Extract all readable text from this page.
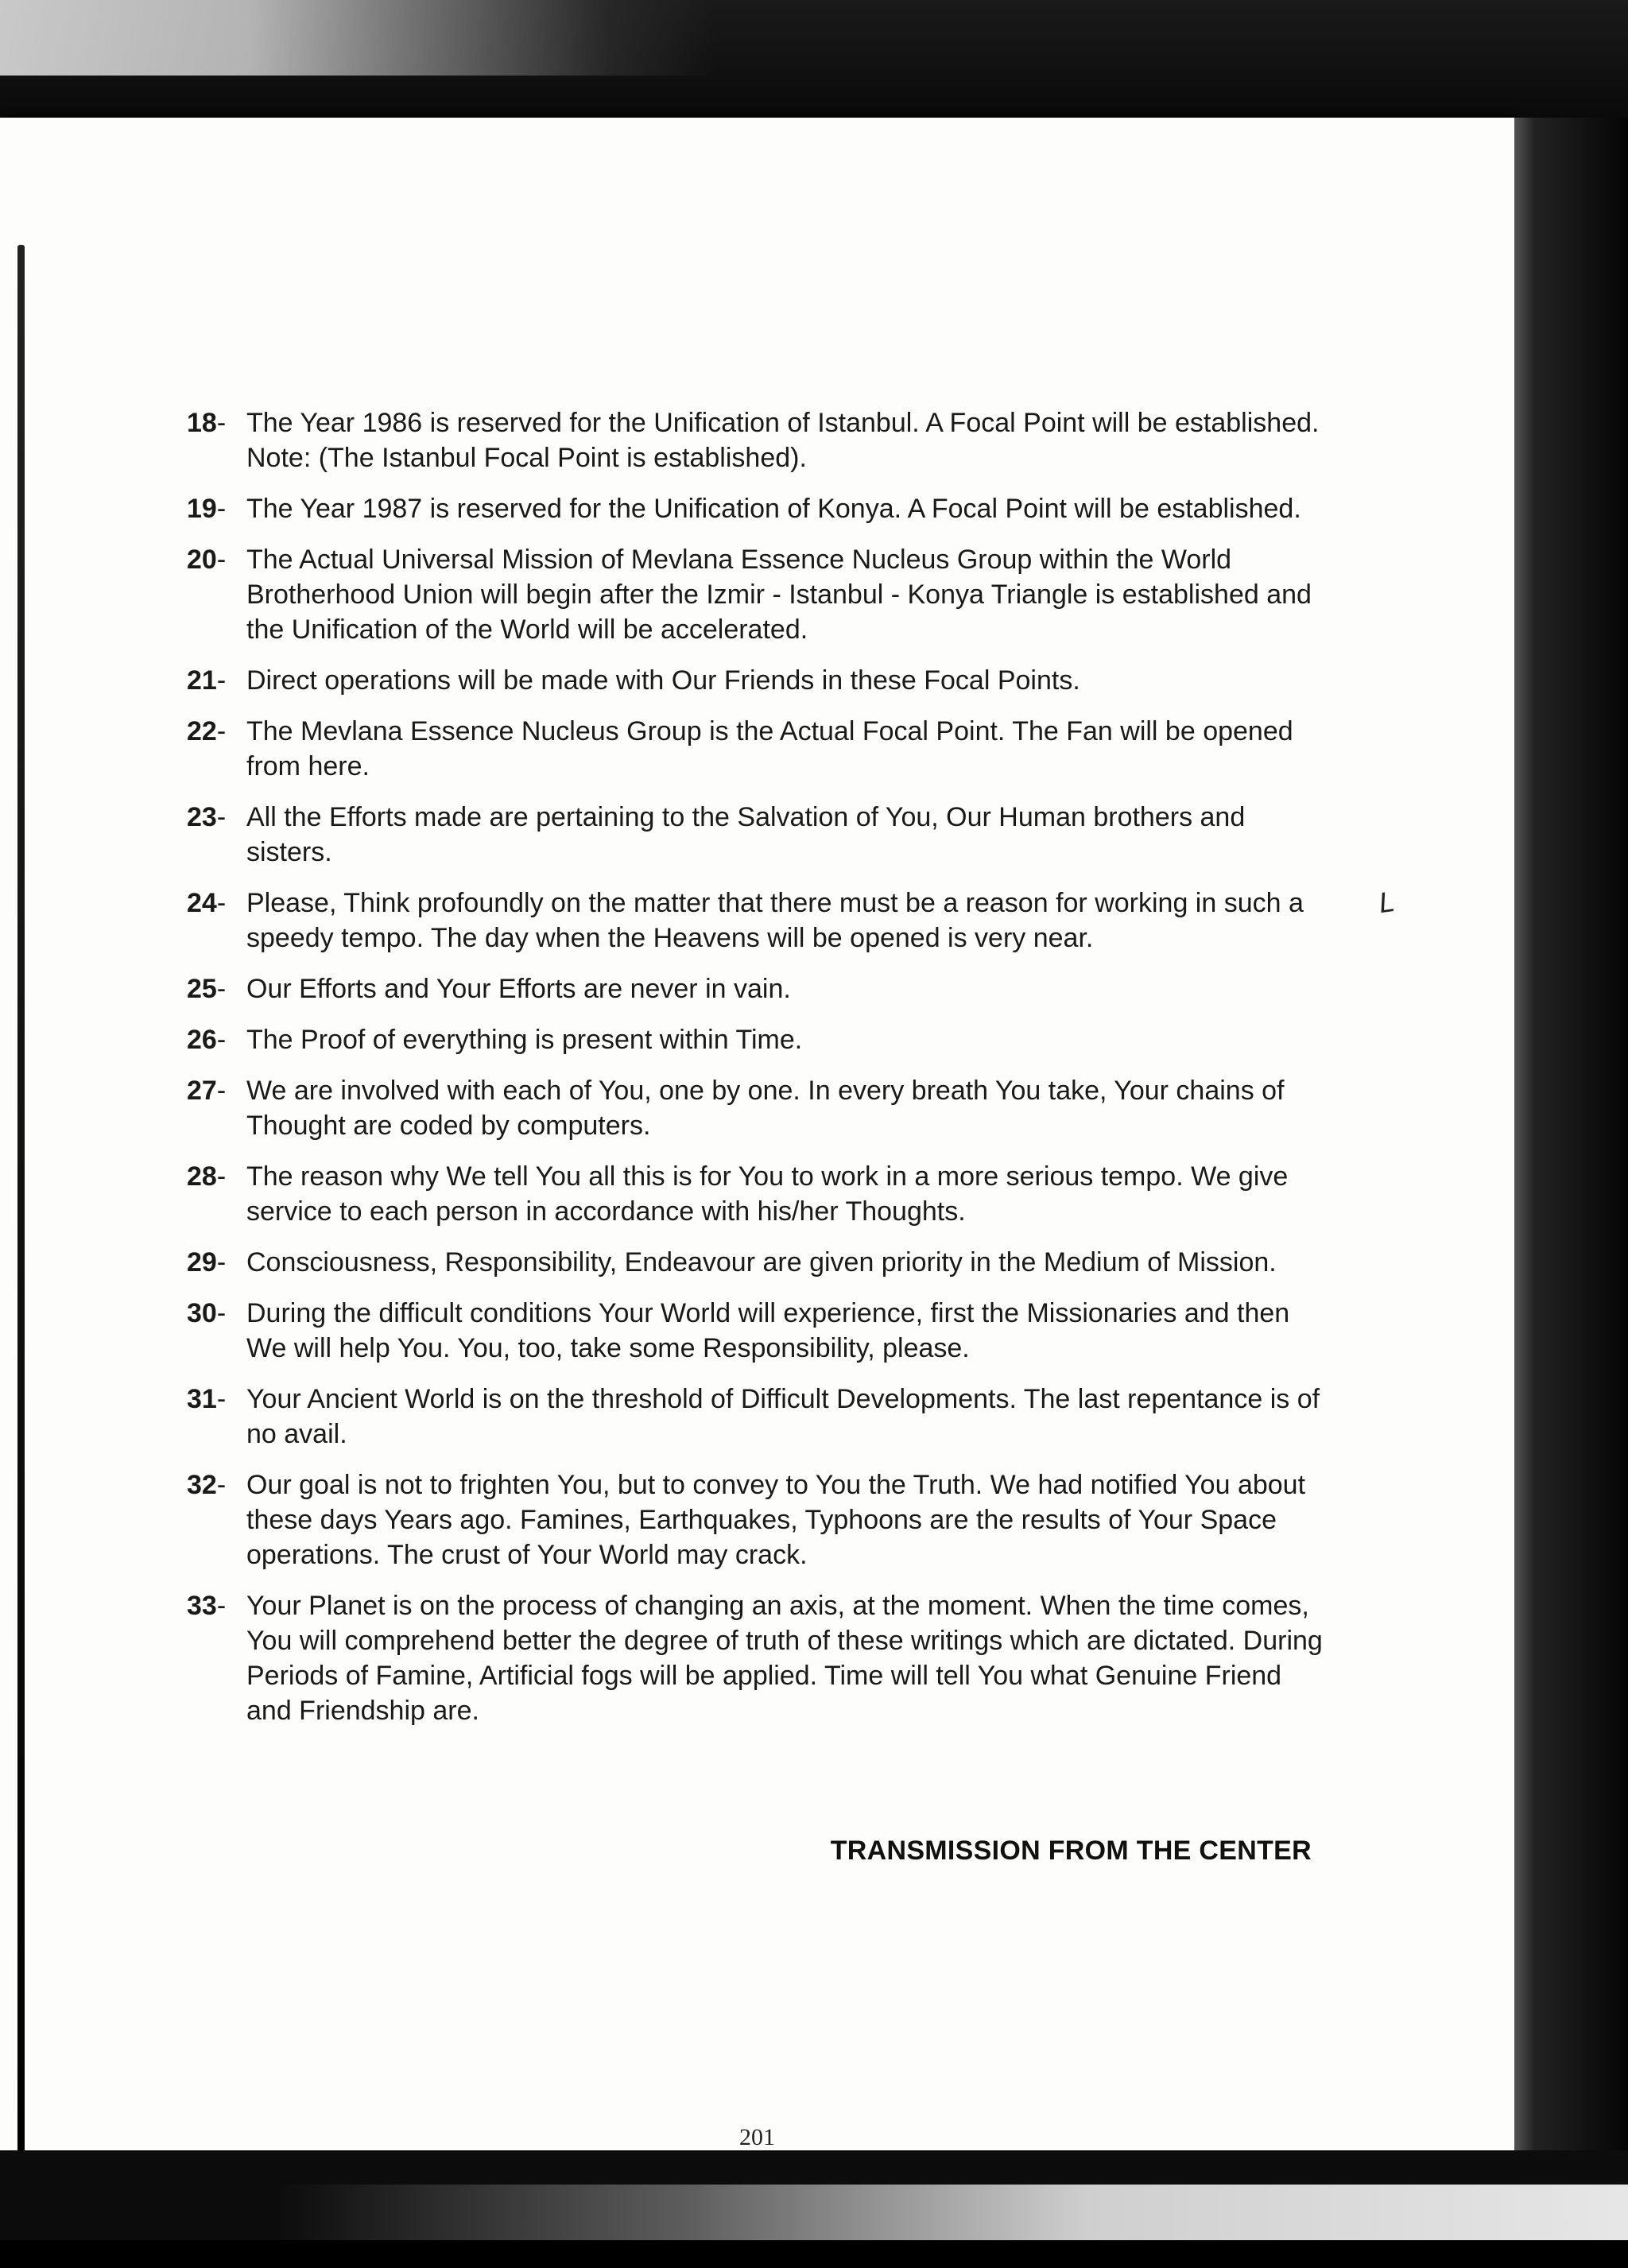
18- The Year 1986 is reserved for the Unification of Istanbul. A Focal Point will be established. Note: (The Istanbul Focal Point is established).
19- The Year 1987 is reserved for the Unification of Konya. A Focal Point will be established.
20- The Actual Universal Mission of Mevlana Essence Nucleus Group within the World Brotherhood Union will begin after the Izmir - Istanbul - Konya Triangle is established and the Unification of the World will be accelerated.
21- Direct operations will be made with Our Friends in these Focal Points.
22- The Mevlana Essence Nucleus Group is the Actual Focal Point. The Fan will be opened from here.
23- All the Efforts made are pertaining to the Salvation of You, Our Human brothers and sisters.
24- Please, Think profoundly on the matter that there must be a reason for working in such a speedy tempo. The day when the Heavens will be opened is very near.
25- Our Efforts and Your Efforts are never in vain.
26- The Proof of everything is present within Time.
27- We are involved with each of You, one by one. In every breath You take, Your chains of Thought are coded by computers.
28- The reason why We tell You all this is for You to work in a more serious tempo. We give service to each person in accordance with his/her Thoughts.
29- Consciousness, Responsibility, Endeavour are given priority in the Medium of Mission.
30- During the difficult conditions Your World will experience, first the Missionaries and then We will help You. You, too, take some Responsibility, please.
31- Your Ancient World is on the threshold of Difficult Developments. The last repentance is of no avail.
32- Our goal is not to frighten You, but to convey to You the Truth. We had notified You about these days Years ago. Famines, Earthquakes, Typhoons are the results of Your Space operations. The crust of Your World may crack.
33- Your Planet is on the process of changing an axis, at the moment. When the time comes, You will comprehend better the degree of truth of these writings which are dictated. During Periods of Famine, Artificial fogs will be applied. Time will tell You what Genuine Friend and Friendship are.
L
TRANSMISSION FROM THE CENTER
201
